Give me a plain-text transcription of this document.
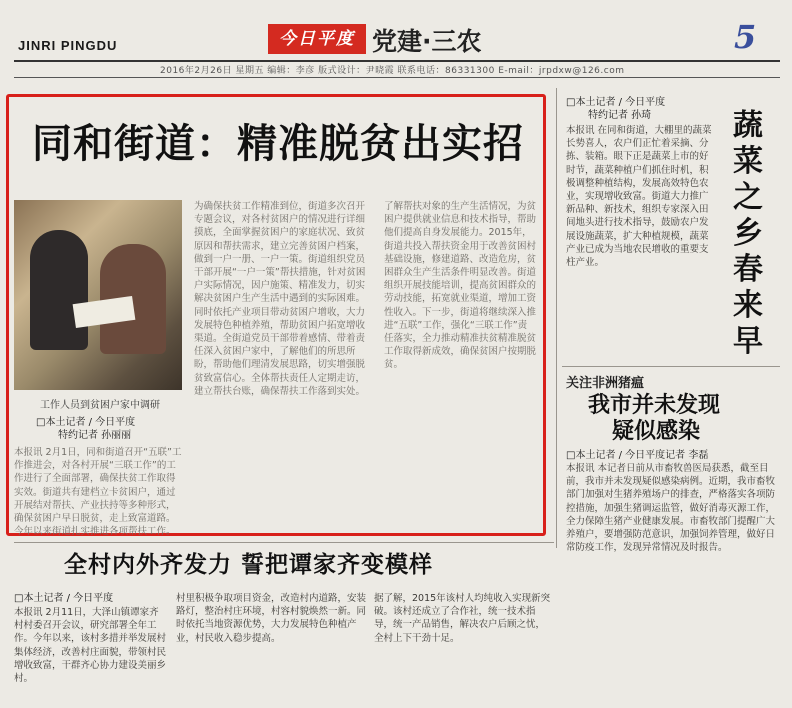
JINRI PINGDU	今日平度 党建·三农	5
2016年2月26日 星期五 编辑：李彦 版式设计：尹晓霞 联系电话：86331300 E-mail：jrpdxw@126.com
同和街道：精准脱贫出实招
工作人员到贫困户家中调研
□本土记者 / 今日平度
特约记者 孙丽丽
本报讯 2月1日，同和街道召开“五联”工作推进会，对各村开展“三联工作”的工作进行了全面部署，确保扶贫工作取得实效。街道共有建档立卡贫困户，通过开展结对帮扶、产业扶持等多种形式，确保贫困户早日脱贫，走上致富道路。今年以来街道扎实推进各项帮扶工作。
为确保扶贫工作精准到位，街道多次召开专题会议，对各村贫困户的情况进行详细摸底，全面掌握贫困户的家庭状况、致贫原因和帮扶需求，建立完善贫困户档案，做到一户一册、一户一策。街道组织党员干部开展“一户一策”帮扶措施，针对贫困户实际情况，因户施策、精准发力，切实解决贫困户生产生活中遇到的实际困难。同时依托产业项目带动贫困户增收，大力发展特色种植养殖，帮助贫困户拓宽增收渠道。全街道党员干部带着感情、带着责任深入贫困户家中，了解他们的所思所盼，帮助他们理清发展思路，切实增强脱贫致富信心。全体帮扶责任人定期走访，建立帮扶台账，确保帮扶工作落到实处。
了解帮扶对象的生产生活情况，为贫困户提供就业信息和技术指导，帮助他们提高自身发展能力。2015年，街道共投入帮扶资金用于改善贫困村基础设施，修建道路、改造危房，贫困群众生产生活条件明显改善。街道组织开展技能培训，提高贫困群众的劳动技能，拓宽就业渠道，增加工资性收入。下一步，街道将继续深入推进“五联”工作，强化“三联工作”责任落实，全力推动精准扶贫精准脱贫工作取得新成效，确保贫困户按期脱贫。
□本土记者 / 今日平度
特约记者 孙琦
本报讯 在同和街道，大棚里的蔬菜长势喜人，农户们正忙着采摘、分拣、装箱。眼下正是蔬菜上市的好时节，蔬菜种植户们抓住时机，积极调整种植结构，发展高效特色农业，实现增收致富。街道大力推广新品种、新技术，组织专家深入田间地头进行技术指导，鼓励农户发展设施蔬菜，扩大种植规模，蔬菜产业已成为当地农民增收的重要支柱产业。
蔬菜之乡春来早
关注非洲猪瘟
我市并未发现
疑似感染
□本土记者 / 今日平度记者 李磊
本报讯 本记者日前从市畜牧兽医局获悉，截至目前，我市并未发现疑似感染病例。近期，我市畜牧部门加强对生猪养殖场户的排查，严格落实各项防控措施，加强生猪调运监管，做好消毒灭源工作，全力保障生猪产业健康发展。市畜牧部门提醒广大养殖户，要增强防范意识，加强饲养管理，做好日常防疫工作，发现异常情况及时报告。
全村内外齐发力 誓把谭家齐变模样
□本土记者 / 今日平度
本报讯 2月11日，大泽山镇谭家齐村村委召开会议，研究部署全年工作。今年以来，该村多措并举发展村集体经济，改善村庄面貌，带领村民增收致富，干群齐心协力建设美丽乡村。
村里积极争取项目资金，改造村内道路，安装路灯，整治村庄环境，村容村貌焕然一新。同时依托当地资源优势，大力发展特色种植产业，村民收入稳步提高。
据了解，2015年该村人均纯收入实现新突破。该村还成立了合作社，统一技术指导，统一产品销售，解决农户后顾之忧，全村上下干劲十足。
